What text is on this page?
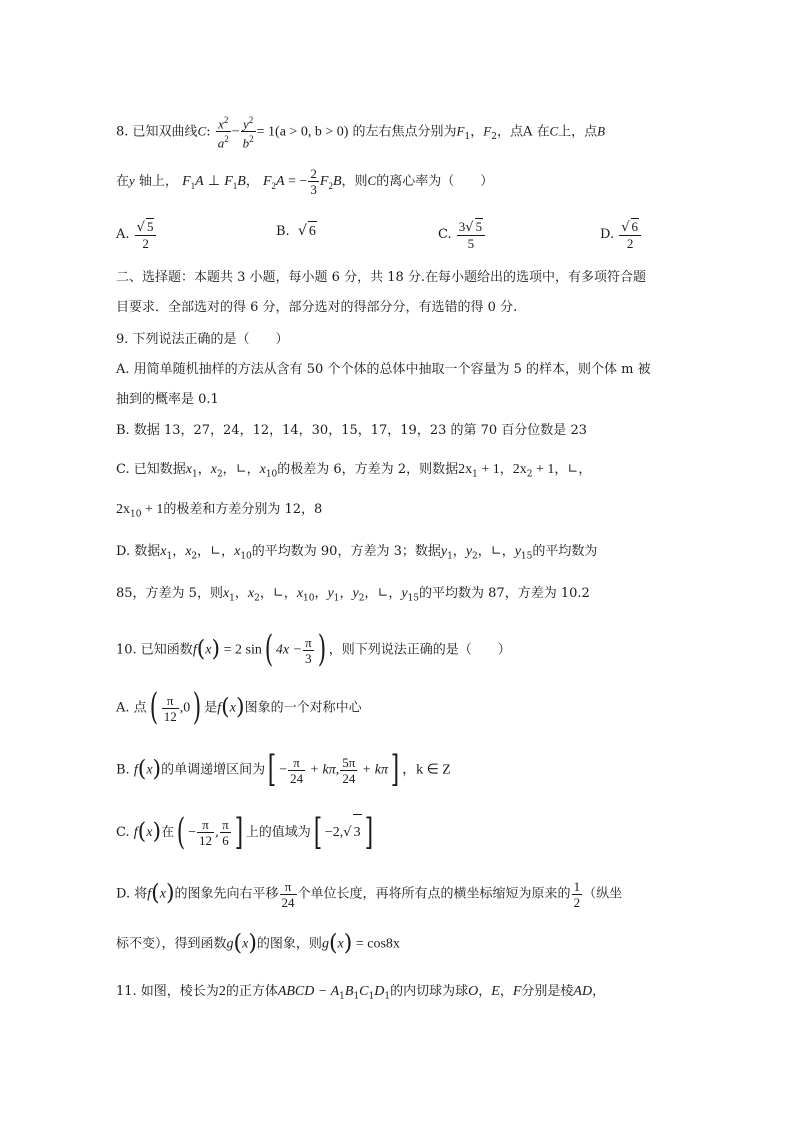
8. 已知双曲线C: $\frac{x^2}{a^2} - \frac{y^2}{b^2} = 1(a > 0$, b > 0) 的左右焦点分别为$F_1$，$F_2$，点A 在C上，点B
在y 轴上， $F_1A$ ⊥ $F_1B$， $F_2A$ = − $\frac{2}{3} F_2B$，则C的离心率为（　　）
A. $\frac{√ 5}{2}$	B. √ 6	C. $\frac{3√ 5}{5}$	D. $\frac{√ 6}{2}$
二、选择题：本题共 3 小题，每小题 6 分，共 18 分.在每小题给出的选项中，有多项符合题
目要求．全部选对的得 6 分，部分选对的得部分分，有选错的得 0 分.
9. 下列说法正确的是（　　）
A. 用简单随机抽样的方法从含有 50 个个体的总体中抽取一个容量为 5 的样本，则个体 m 被
抽到的概率是 0.1
B. 数据 13，27，24，12，14，30，15，17，19，23 的第 70 百分位数是 23
C. 已知数据$x_1$，$x_2$，∟，$x_{10}$的极差为 6，方差为 2，则数据$2x_1 + 1$，$2x_2 + 1$，∟，
$2x_{10} + 1$的极差和方差分别为 12，8
D. 数据$x_1$，$x_2$，∟，$x_{10}$的平均数为 90，方差为 3；数据$y_1$，$y_2$，∟，$y_{15}$的平均数为
85，方差为 5，则$x_1$，$x_2$，∟，$x_{10}$，$y_1$，$y_2$，∟，$y_{15}$的平均数为 87，方差为 10.2
10. 已知函数f(x) = 2 sin( $4x - \frac{\pi}{3}$ ) ，则下列说法正确的是（　　）
A. 点( $\frac{\pi}{12} ,0$) 是f(x)图象的一个对称中心
B. f(x)的单调递增区间为[ − $\frac{\pi}{24} + k\pi$, $\frac{5\pi}{24} + k\pi$] ，k ∈ Z
C. f(x)在( − $\frac{\pi}{12}$ , $\frac{\pi}{6}$ ] 上的值域为[ −2,√ 3 ]
D. 将f(x)的图象先向右平移 $\frac{\pi}{24}$ 个单位长度，再将所有点的横坐标缩短为原来的 $\frac{1}{2}$ （纵坐
标不变），得到函数g(x)的图象，则g(x) = cos8x
11. 如图，棱长为2的正方体ABCD − $A_1B_1C_1D_1$的内切球为球O，E，F分别是棱AD，
